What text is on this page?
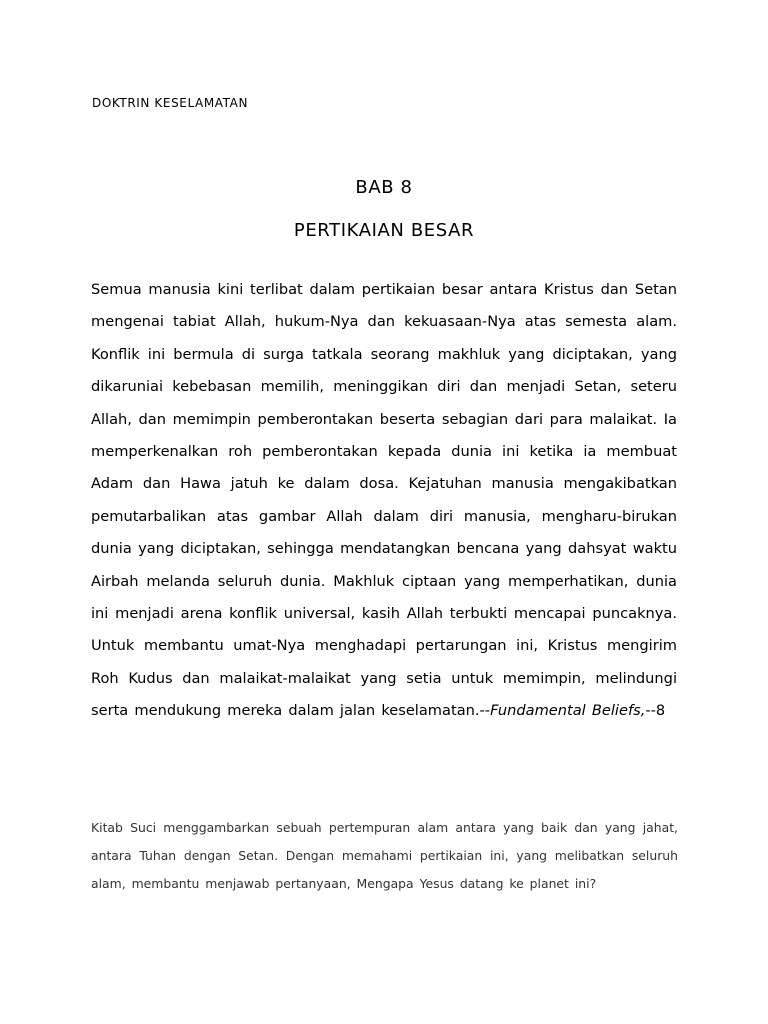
DOKTRIN KESELAMATAN
BAB 8
PERTIKAIAN BESAR

Semua manusia kini terlibat dalam pertikaian besar antara Kristus dan Setan mengenai tabiat Allah, hukum-Nya dan kekuasaan-Nya atas semesta alam. Konflik ini bermula di surga tatkala seorang makhluk yang diciptakan, yang dikaruniai kebebasan memilih, meninggikan diri dan menjadi Setan, seteru Allah, dan memimpin pemberontakan beserta sebagian dari para malaikat. Ia memperkenalkan roh pemberontakan kepada dunia ini ketika ia membuat Adam dan Hawa jatuh ke dalam dosa. Kejatuhan manusia mengakibatkan pemutarbalikan atas gambar Allah dalam diri manusia, mengharu-birukan dunia yang diciptakan, sehingga mendatangkan bencana yang dahsyat waktu Airbah melanda seluruh dunia. Makhluk ciptaan yang memperhatikan, dunia ini menjadi arena konflik universal, kasih Allah terbukti mencapai puncaknya. Untuk membantu umat-Nya menghadapi pertarungan ini, Kristus mengirim Roh Kudus dan malaikat-malaikat yang setia untuk memimpin, melindungi serta mendukung mereka dalam jalan keselamatan.--Fundamental Beliefs,--8

Kitab Suci menggambarkan sebuah pertempuran alam antara yang baik dan yang jahat, antara Tuhan dengan Setan. Dengan memahami pertikaian ini, yang melibatkan seluruh alam, membantu menjawab pertanyaan, Mengapa Yesus datang ke planet ini?
